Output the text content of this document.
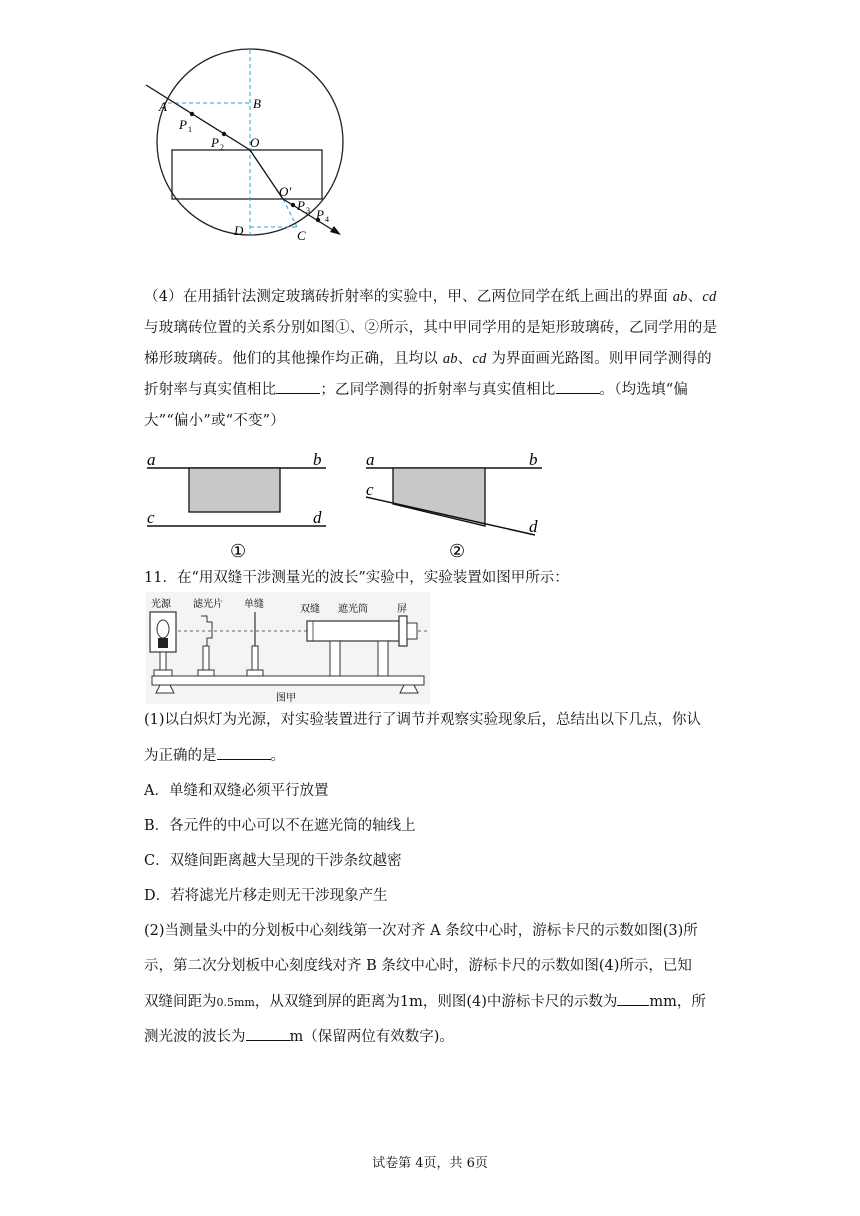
A	B
P 1
P 2 O
O′
P 3 P 4
D	C
（4）在用插针法测定玻璃砖折射率的实验中，甲、乙两位同学在纸上画出的界面 ab、cd与玻璃砖位置的关系分别如图①、②所示，其中甲同学用的是矩形玻璃砖，乙同学用的是梯形玻璃砖。他们的其他操作均正确，且均以 ab、cd 为界面画光路图。则甲同学测得的折射率与真实值相比	；乙同学测得的折射率与真实值相比	。（均选填“偏大”“偏小”或“不变”）
a	b
c	d
①
a	b
c
d
②
11．在“用双缝干涉测量光的波长”实验中，实验装置如图甲所示：
光源 滤光片 单缝	双缝 遮光筒	屏
图甲
(1)以白炽灯为光源，对实验装置进行了调节并观察实验现象后，总结出以下几点，你认
为正确的是	。
A．单缝和双缝必须平行放置
B．各元件的中心可以不在遮光筒的轴线上
C．双缝间距离越大呈现的干涉条纹越密
D．若将滤光片移走则无干涉现象产生
(2)当测量头中的分划板中心刻线第一次对齐 A 条纹中心时，游标卡尺的示数如图(3)所
示，第二次分划板中心刻度线对齐 B 条纹中心时，游标卡尺的示数如图(4)所示，已知
双缝间距为0.5mm，从双缝到屏的距离为1m，则图(4)中游标卡尺的示数为 mm，所
测光波的波长为	m（保留两位有效数字)。
试卷第 4页，共 6页
